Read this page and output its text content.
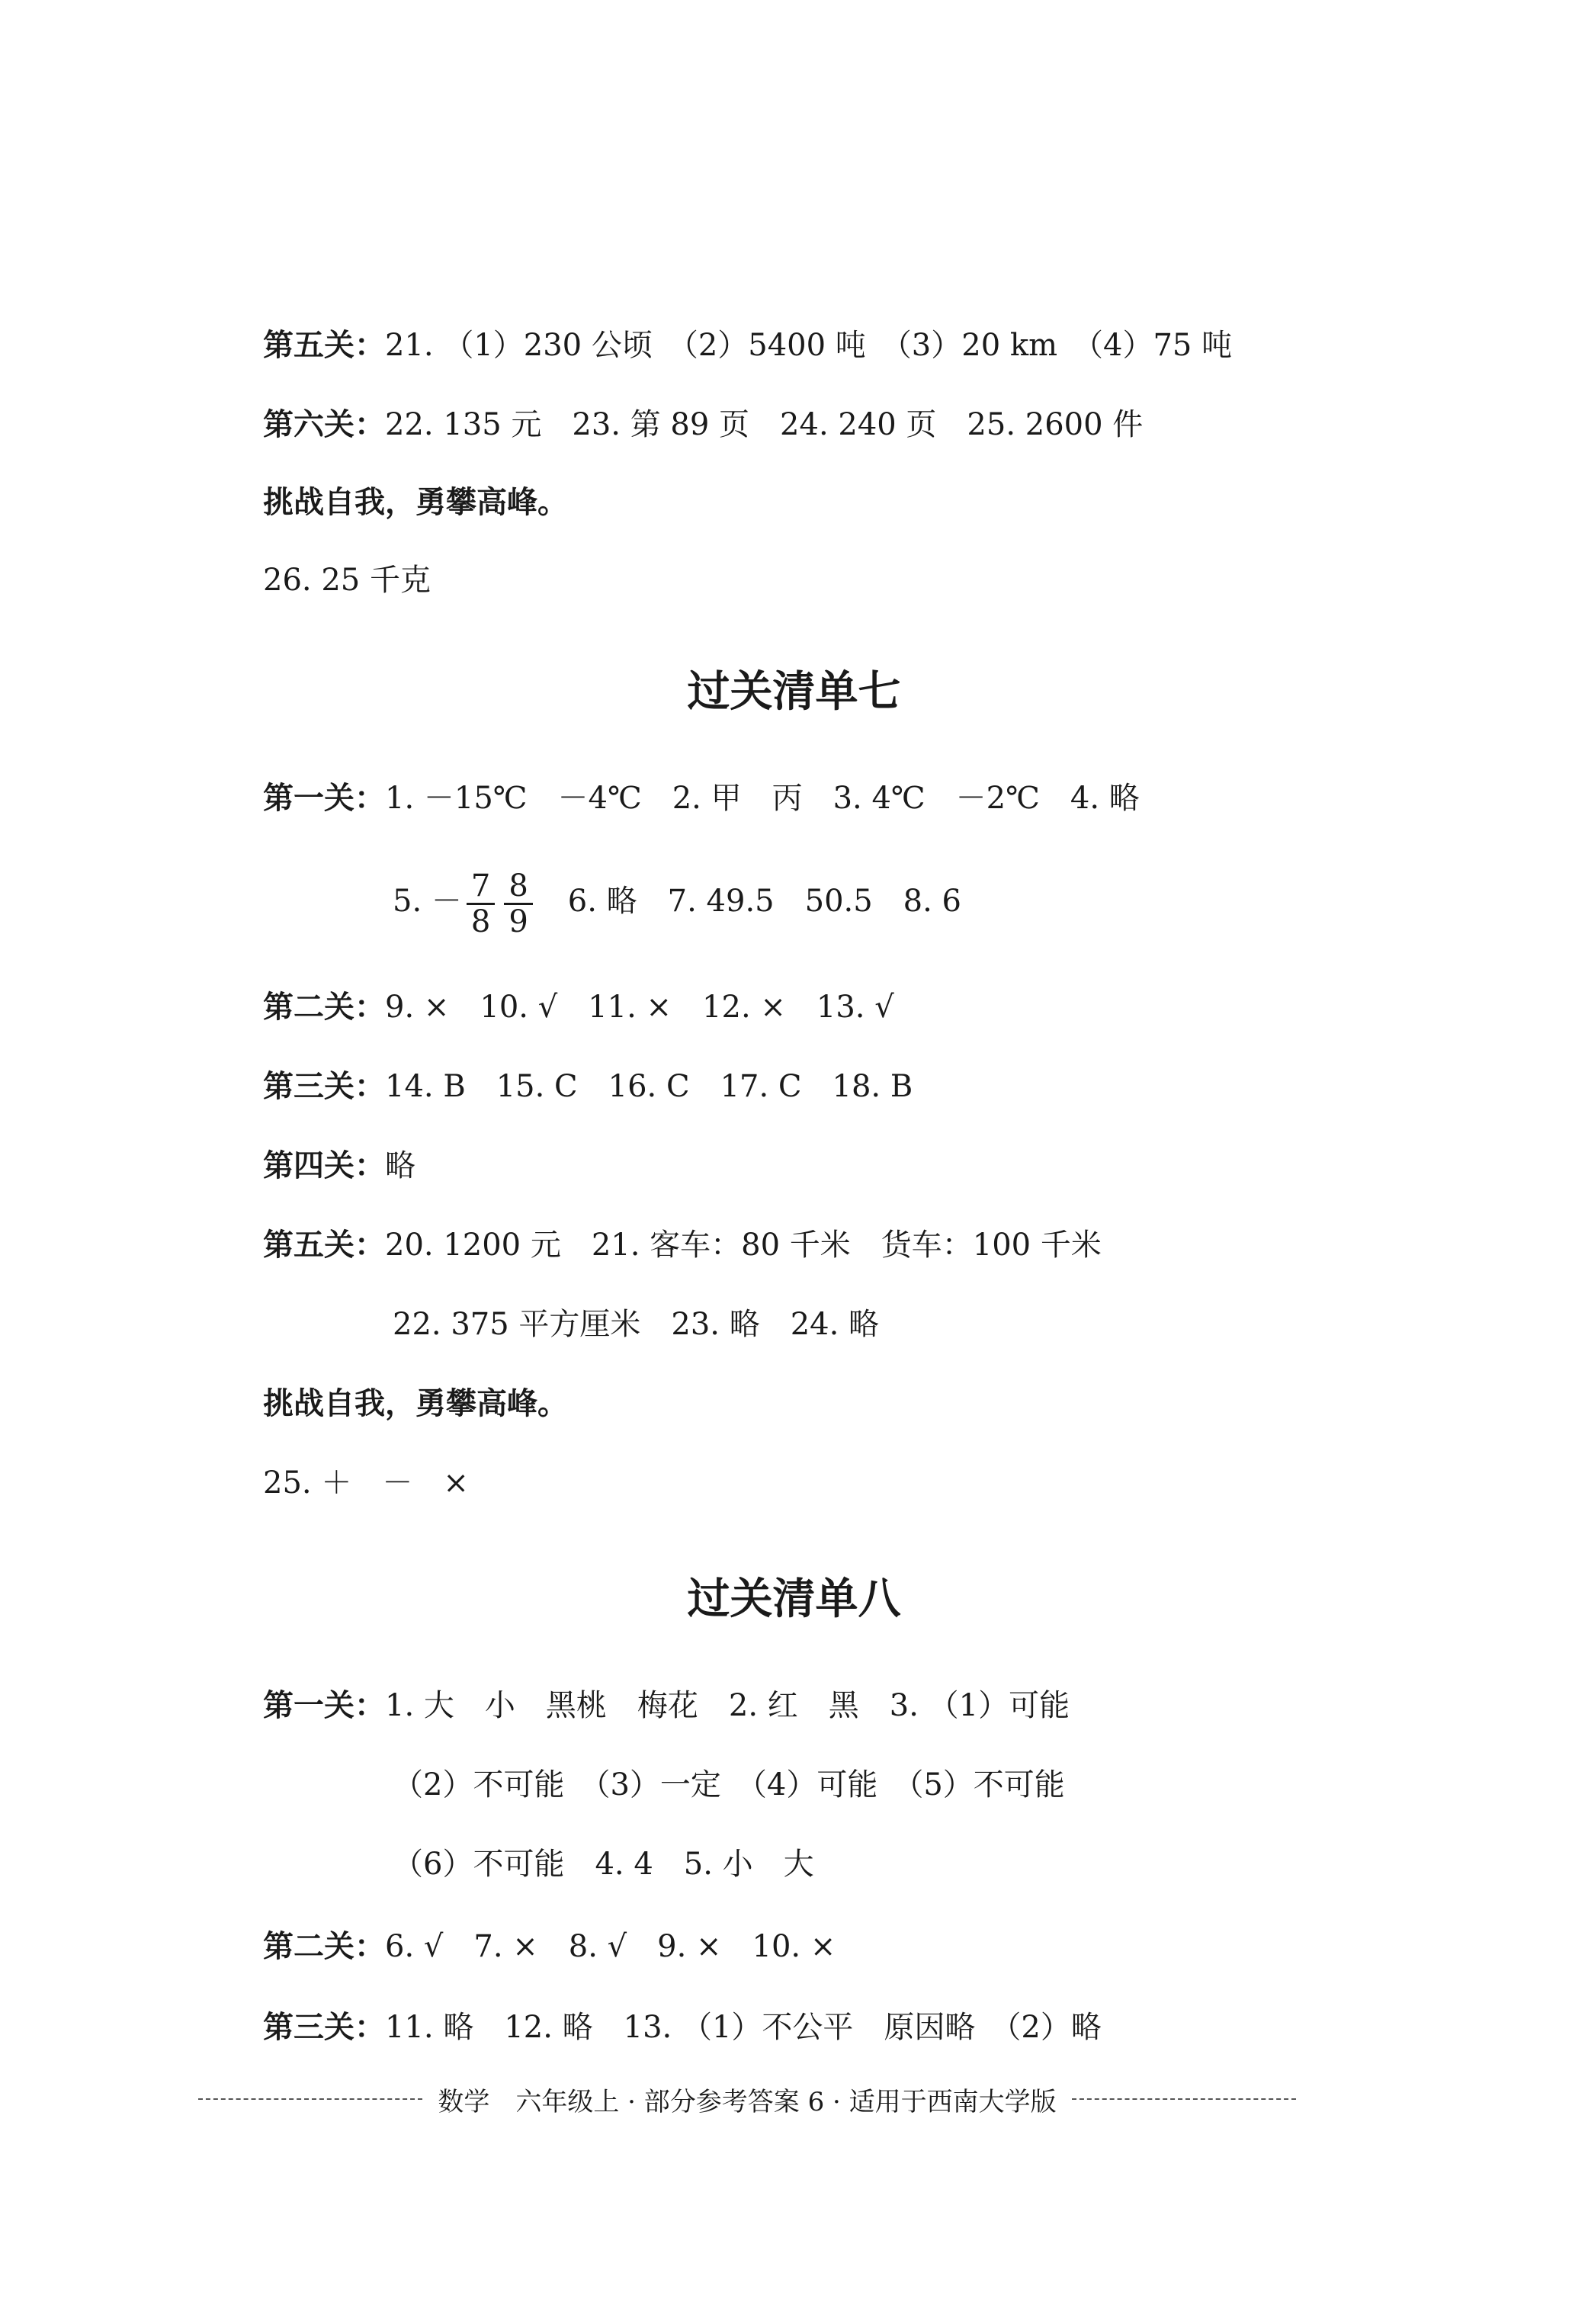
第五关：21. （1）230 公顷　（2）5400 吨　（3）20 km　（4）75 吨
第六关：22. 135 元　23. 第 89 页　24. 240 页　25. 2600 件
挑战自我，勇攀高峰。
26. 25 千克
过关清单七
第一关：1. －15℃　－4℃　2. 甲　丙　3. 4℃　－2℃　4. 略
5. － $\frac{7}{8} \frac{8}{9}$
　 6. 略　7. 49.5　50.5　8. 6
第二关：9. ×　10. √　11. ×　12. ×　13. √
第三关：14. B　15. C　16. C　17. C　18. B
第四关：略
第五关：20. 1200 元　21. 客车：80 千米　货车：100 千米
22. 375 平方厘米　23. 略　24. 略
挑战自我，勇攀高峰。
25. ＋　－　×
过关清单八
第一关：1. 大　小　黑桃　梅花　2. 红　黑　3. （1）可能
（2）不可能　（3）一定　（4）可能　（5）不可能
（6）不可能　4. 4　5. 小　大
第二关：6. √　7. ×　8. √　9. ×　10. ×
第三关：11. 略　12. 略　13. （1）不公平　原因略　（2）略
数学　六年级上 · 部分参考答案 6 · 适用于西南大学版
